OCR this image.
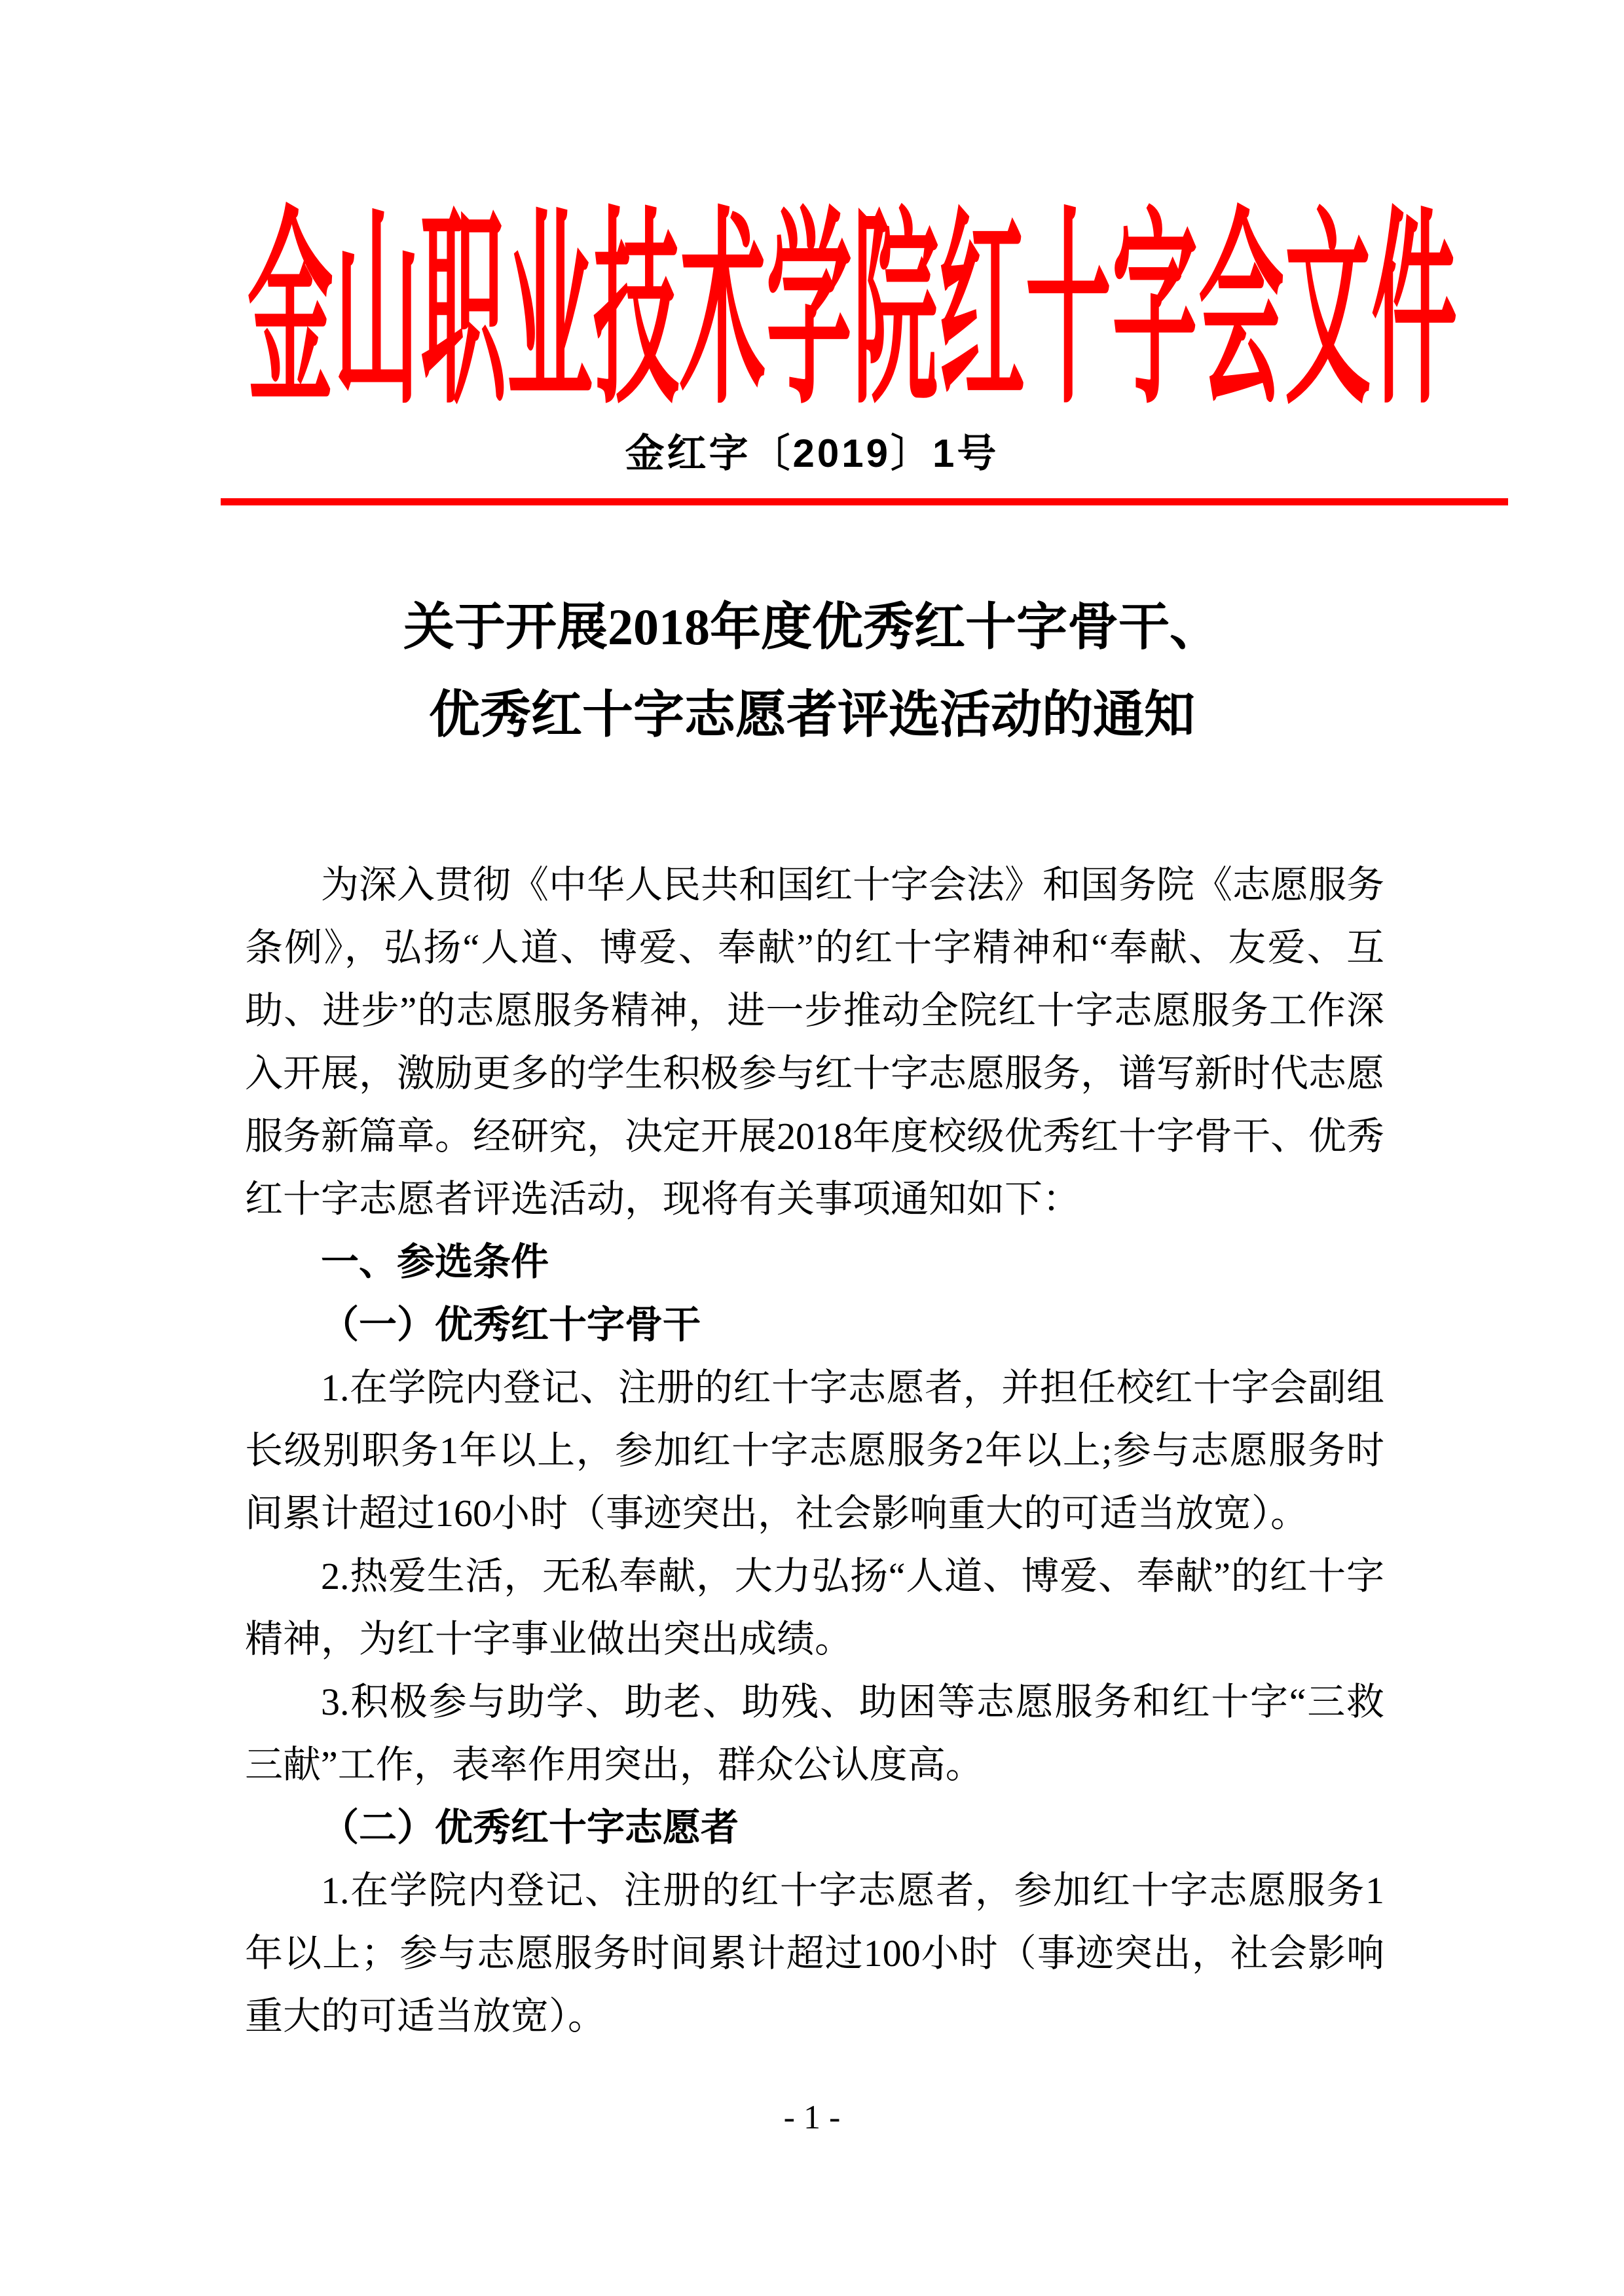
金山职业技术学院红十字会文件
金红字〔2019〕1号
关于开展2018年度优秀红十字骨干、
优秀红十字志愿者评选活动的通知

为深入贯彻《中华人民共和国红十字会法》和国务院《志愿服务条例》，弘扬“人道、博爱、奉献”的红十字精神和“奉献、友爱、互助、进步”的志愿服务精神，进一步推动全院红十字志愿服务工作深入开展，激励更多的学生积极参与红十字志愿服务，谱写新时代志愿服务新篇章。经研究，决定开展2018年度校级优秀红十字骨干、优秀红十字志愿者评选活动，现将有关事项通知如下：

一、参选条件

（一）优秀红十字骨干

1.在学院内登记、注册的红十字志愿者，并担任校红十字会副组长级别职务1年以上，参加红十字志愿服务2年以上;参与志愿服务时间累计超过160小时（事迹突出，社会影响重大的可适当放宽）。

2.热爱生活，无私奉献，大力弘扬“人道、博爱、奉献”的红十字精神，为红十字事业做出突出成绩。

3.积极参与助学、助老、助残、助困等志愿服务和红十字“三救三献”工作，表率作用突出，群众公认度高。

（二）优秀红十字志愿者

1.在学院内登记、注册的红十字志愿者，参加红十字志愿服务1年以上；参与志愿服务时间累计超过100小时（事迹突出，社会影响重大的可适当放宽）。

- 1 -
